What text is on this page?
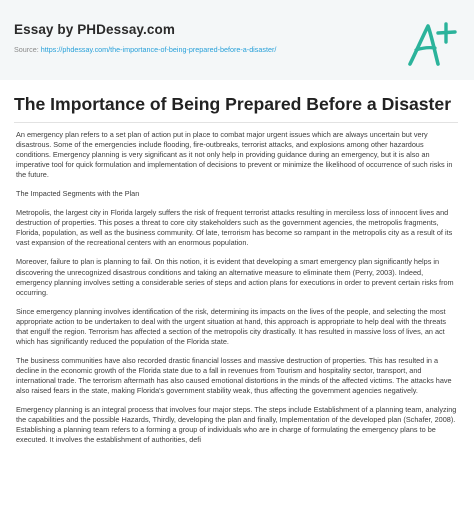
Essay by PHDessay.com
Source: https://phdessay.com/the-importance-of-being-prepared-before-a-disaster/
The Importance of Being Prepared Before a Disaster

An emergency plan refers to a set plan of action put in place to combat major urgent issues which are always uncertain but very disastrous. Some of the emergencies include flooding, fire-outbreaks, terrorist attacks, and explosions among other hazardous conditions. Emergency planning is very significant as it not only help in providing guidance during an emergency, but it is also an imperative tool for quick formulation and implementation of decisions to prevent or minimize the likelihood of occurrence of such risks in the future.

The Impacted Segments with the Plan

Metropolis, the largest city in Florida largely suffers the risk of frequent terrorist attacks resulting in merciless loss of innocent lives and destruction of properties. This poses a threat to core city stakeholders such as the government agencies, the metropolis fragments, Florida, population, as well as the business community. Of late, terrorism has become so rampant in the metropolis city as a result of its vast expansion of the recreational centers with an enormous population.

Moreover, failure to plan is planning to fail. On this notion, it is evident that developing a smart emergency plan significantly helps in discovering the unrecognized disastrous conditions and taking an alternative measure to eliminate them (Perry, 2003). Indeed, emergency planning involves setting a considerable series of steps and action plans for executions in order to prevent certain risks from occurring.

Since emergency planning involves identification of the risk, determining its impacts on the lives of the people, and selecting the most appropriate action to be undertaken to deal with the urgent situation at hand, this approach is appropriate to help deal with the threats that engulf the region. Terrorism has affected a section of the metropolis city drastically. It has resulted in massive loss of lives, an act which has significantly reduced the population of the Florida state.

The business communities have also recorded drastic financial losses and massive destruction of properties. This has resulted in a decline in the economic growth of the Florida state due to a fall in revenues from Tourism and hospitality sector, transport, and international trade. The terrorism aftermath has also caused emotional distortions in the minds of the affected victims. The attacks have also raised fears in the state, making Florida's government stability weak, thus affecting the government agencies negatively.

Emergency planning is an integral process that involves four major steps. The steps include Establishment of a planning team, analyzing the capabilities and the possible Hazards, Thirdly, developing the plan and finally, Implementation of the developed plan (Schafer, 2008). Establishing a planning team refers to a forming a group of individuals who are in charge of formulating the emergency plans to be executed. It involves the establishment of authorities, defi
